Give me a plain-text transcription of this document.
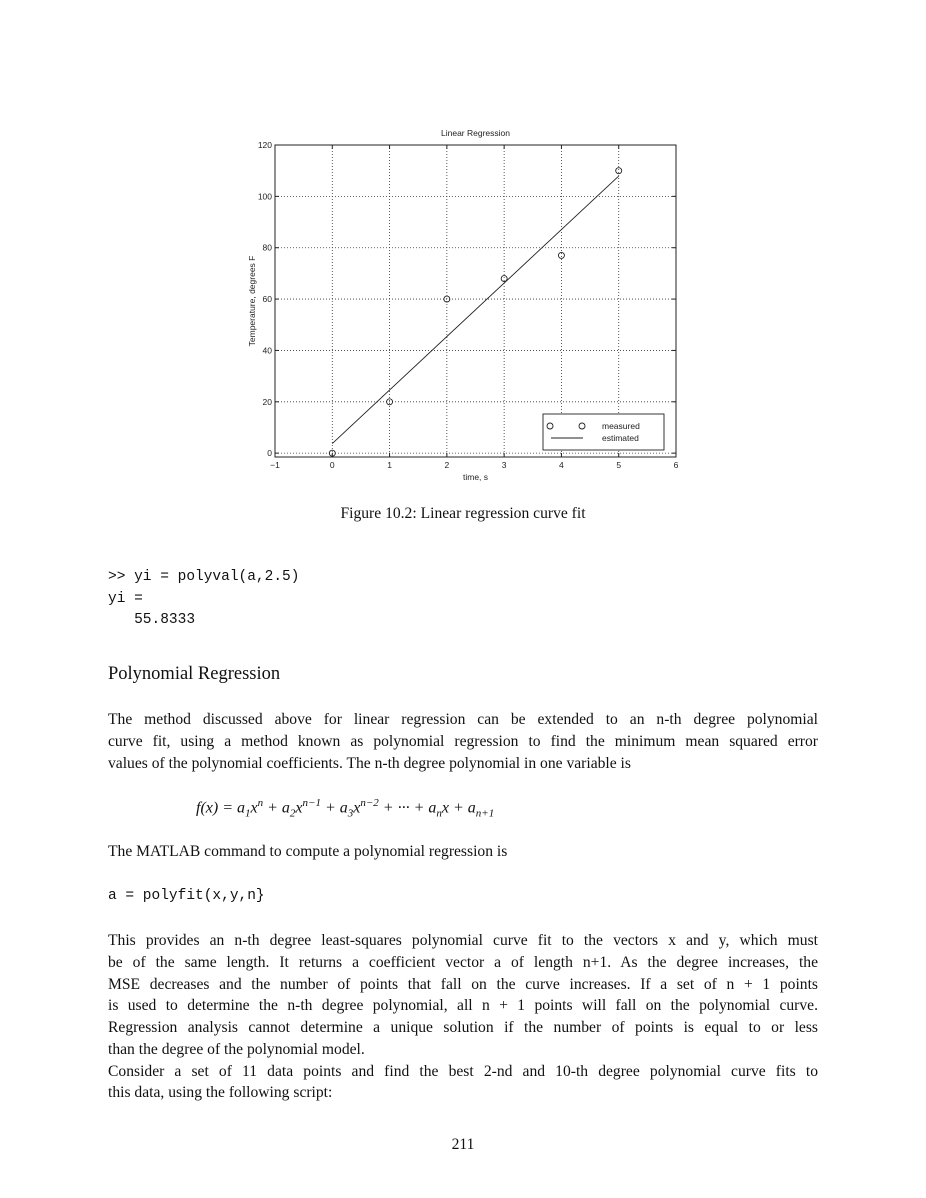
−1	0	1	2	3	4	5	6
0
20
40
60
80
100
120
Linear Regression
time, s
Temperature, degrees F
measured
estimated
Figure 10.2: Linear regression curve fit
>> yi = polyval(a,2.5)
yi =
55.8333
Polynomial Regression
The method discussed above for linear regression can be extended to an n-th degree polynomial
curve fit, using a method known as polynomial regression to find the minimum mean squared error
values of the polynomial coefficients. The n-th degree polynomial in one variable is
$f(x) = a_1x^n + a_2x^{n-1} + a_3x^{n-2}$ + ··· + $a_nx + a_{n+1}$
The MATLAB command to compute a polynomial regression is
a = polyfit(x,y,n}
This provides an n-th degree least-squares polynomial curve fit to the vectors x and y, which must
be of the same length. It returns a coefficient vector a of length n+1. As the degree increases, the
MSE decreases and the number of points that fall on the curve increases. If a set of n + 1 points
is used to determine the n-th degree polynomial, all n + 1 points will fall on the polynomial curve.
Regression analysis cannot determine a unique solution if the number of points is equal to or less
than the degree of the polynomial model.
Consider a set of 11 data points and find the best 2-nd and 10-th degree polynomial curve fits to
this data, using the following script:
211
